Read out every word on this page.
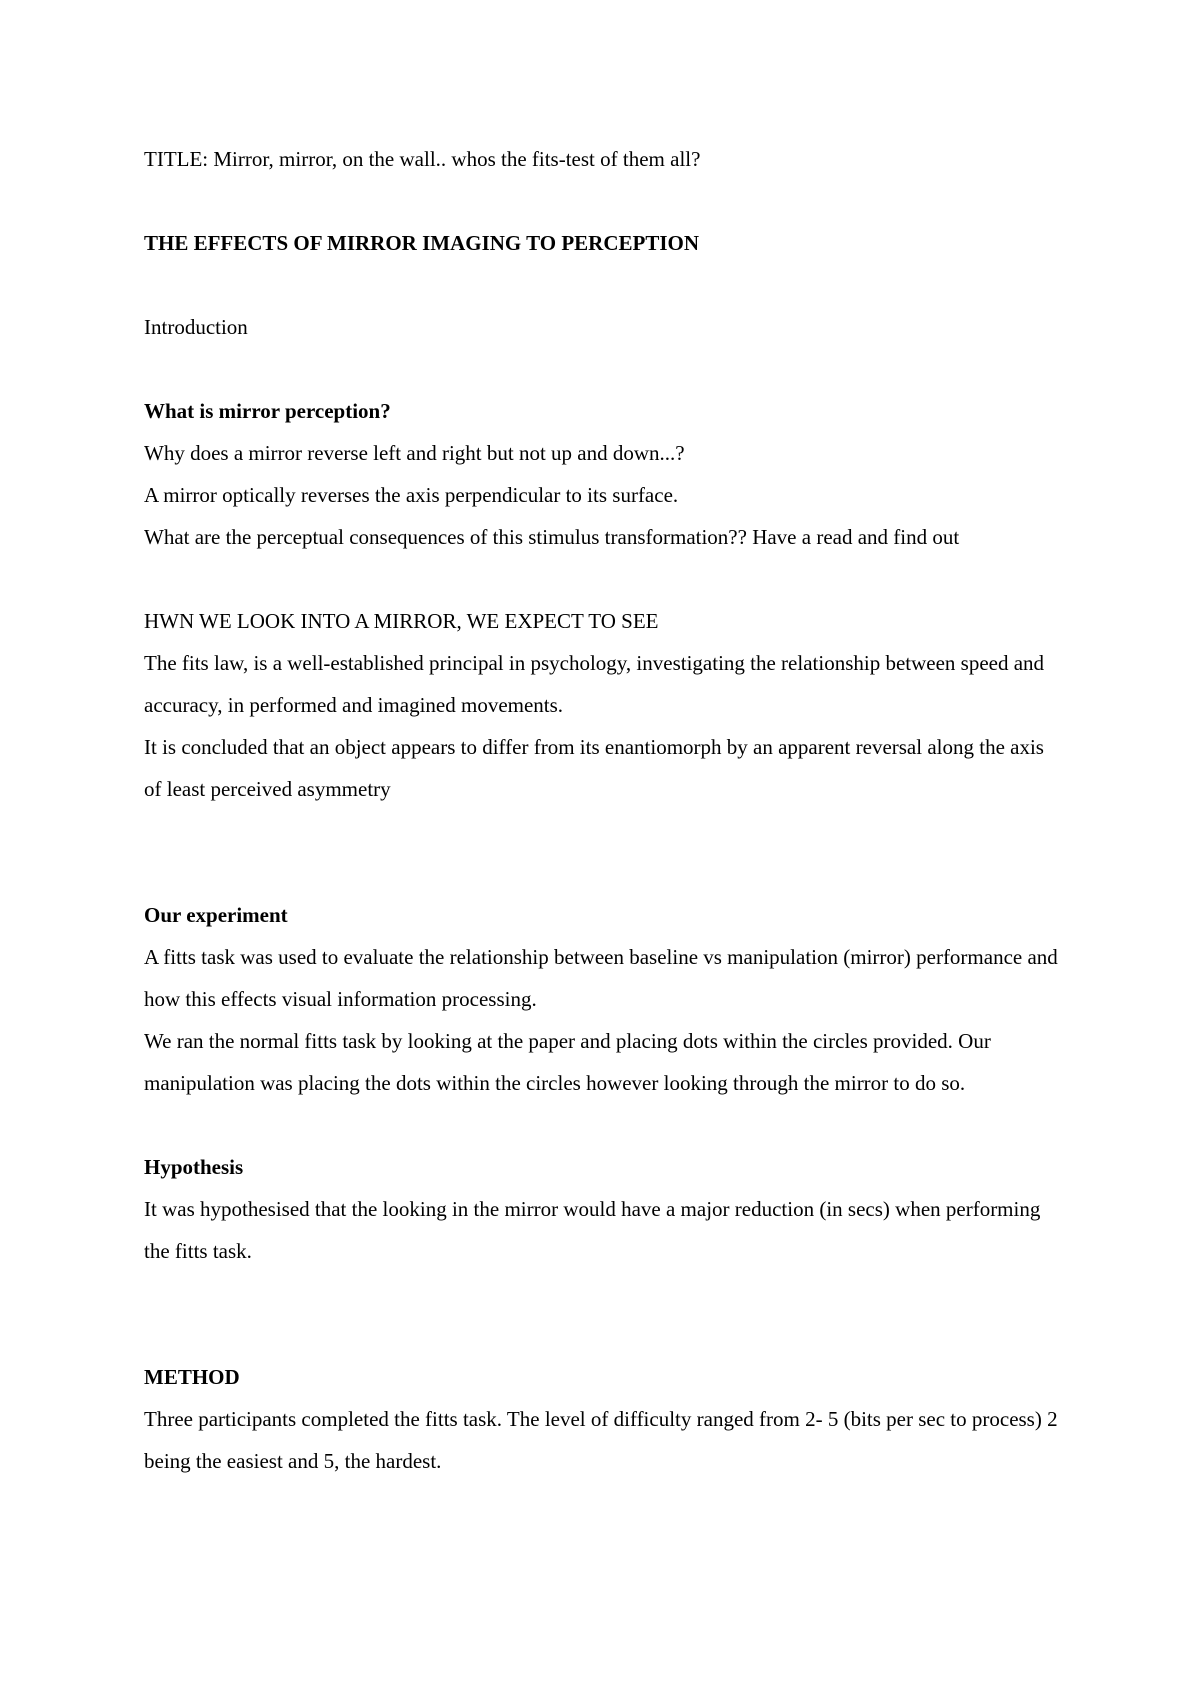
TITLE: Mirror, mirror, on the wall.. whos the fits-test of them all?

THE EFFECTS OF MIRROR IMAGING TO PERCEPTION

Introduction

What is mirror perception?

Why does a mirror reverse left and right but not up and down...?

A mirror optically reverses the axis perpendicular to its surface.

What are the perceptual consequences of this stimulus transformation?? Have a read and find out

HWN WE LOOK INTO A MIRROR, WE EXPECT TO SEE

The fits law, is a well-established principal in psychology, investigating the relationship between speed and accuracy, in performed and imagined movements.

It is concluded that an object appears to differ from its enantiomorph by an apparent reversal along the axis of least perceived asymmetry

Our experiment

A fitts task was used to evaluate the relationship between baseline vs manipulation (mirror) performance and how this effects visual information processing.

We ran the normal fitts task by looking at the paper and placing dots within the circles provided. Our manipulation was placing the dots within the circles however looking through the mirror to do so.

Hypothesis

It was hypothesised that the looking in the mirror would have a major reduction (in secs) when performing the fitts task.

METHOD

Three participants completed the fitts task. The level of difficulty ranged from 2- 5 (bits per sec to process) 2 being the easiest and 5, the hardest.
